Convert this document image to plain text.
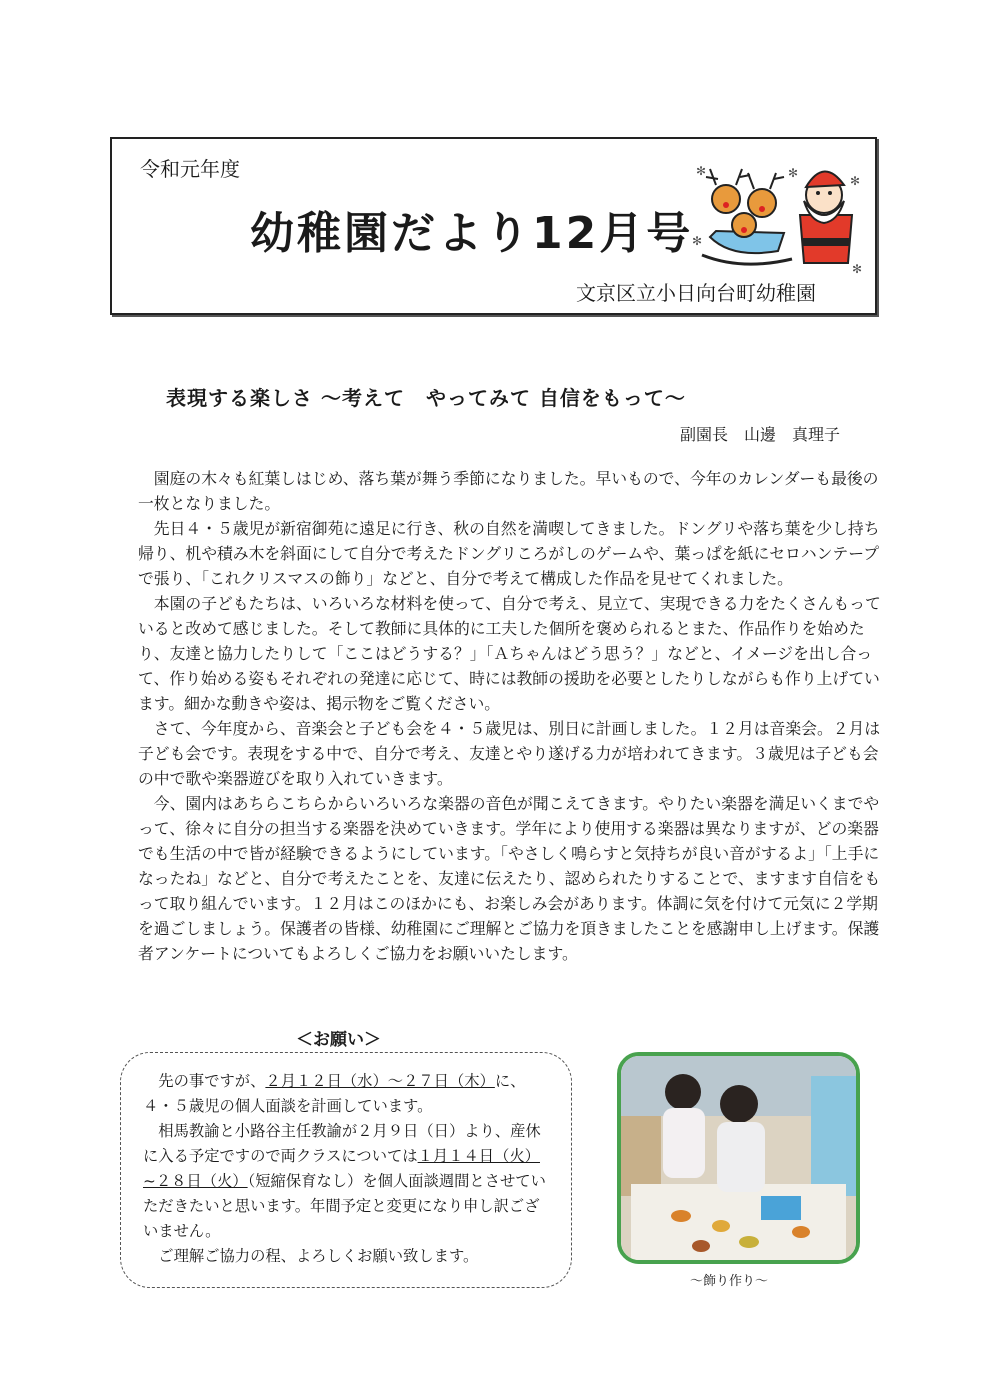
令和元年度
幼稚園だより12月号
✻	✻
✻
✻
✻
文京区立小日向台町幼稚園
表現する楽しさ ～考えて　やってみて 自信をもって～
副園長　山邊　真理子

園庭の木々も紅葉しはじめ、落ち葉が舞う季節になりました。早いもので、今年のカレンダーも最後の一枚となりました。

先日４・５歳児が新宿御苑に遠足に行き、秋の自然を満喫してきました。ドングリや落ち葉を少し持ち帰り、机や積み木を斜面にして自分で考えたドングリころがしのゲームや、葉っぱを紙にセロハンテープで張り、「これクリスマスの飾り」などと、自分で考えて構成した作品を見せてくれました。

本園の子どもたちは、いろいろな材料を使って、自分で考え、見立て、実現できる力をたくさんもっていると改めて感じました。そして教師に具体的に工夫した個所を褒められるとまた、作品作りを始めたり、友達と協力したりして「ここはどうする？」「Ａちゃんはどう思う？」などと、イメージを出し合って、作り始める姿もそれぞれの発達に応じて、時には教師の援助を必要としたりしながらも作り上げています。細かな動きや姿は、掲示物をご覧ください。

さて、今年度から、音楽会と子ども会を４・５歳児は、別日に計画しました。１２月は音楽会。２月は子ども会です。表現をする中で、自分で考え、友達とやり遂げる力が培われてきます。３歳児は子ども会の中で歌や楽器遊びを取り入れていきます。

今、園内はあちらこちらからいろいろな楽器の音色が聞こえてきます。やりたい楽器を満足いくまでやって、徐々に自分の担当する楽器を決めていきます。学年により使用する楽器は異なりますが、どの楽器でも生活の中で皆が経験できるようにしています。「やさしく鳴らすと気持ちが良い音がするよ」「上手になったね」などと、自分で考えたことを、友達に伝えたり、認められたりすることで、ますます自信をもって取り組んでいます。１２月はこのほかにも、お楽しみ会があります。体調に気を付けて元気に２学期を過ごしましょう。保護者の皆様、幼稚園にご理解とご協力を頂きましたことを感謝申し上げます。保護者アンケートについてもよろしくご協力をお願いいたします。

＜お願い＞

先の事ですが、２月１２日（水）～２７日（木）に、４・５歳児の個人面談を計画しています。

相馬教諭と小路谷主任教諭が２月９日（日）より、産休に入る予定ですので両クラスについては１月１４日（火）~２８日（火）（短縮保育なし）を個人面談週間とさせていただきたいと思います。年間予定と変更になり申し訳ございません。

ご理解ご協力の程、よろしくお願い致します。

～飾り作り～
